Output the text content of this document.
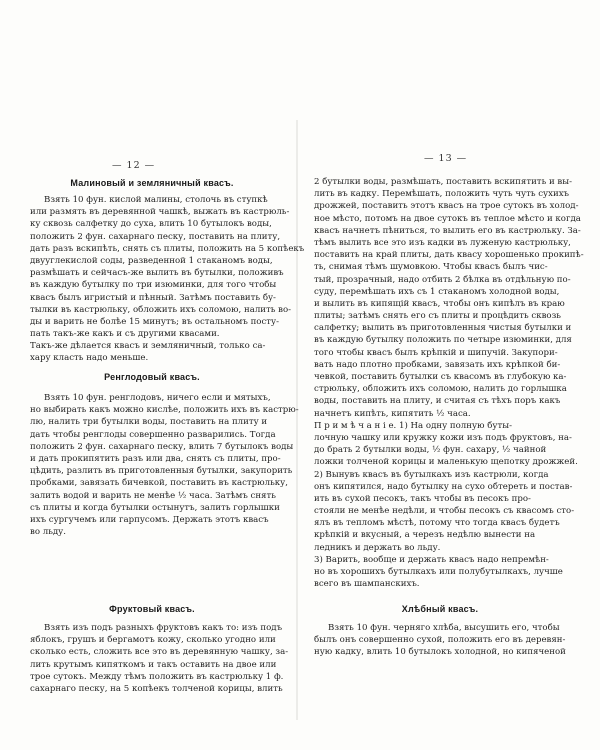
— 12 —
Малиновый и земляничный квасъ.
Взять 10 фун. кислой малины, столочь въ ступкѣ
или размять въ деревянной чашкѣ, выжать въ кастрюль-
ку сквозь салфетку до суха, влить 10 бутылокъ воды,
положить 2 фун. сахарнаго песку, поставить на плиту,
дать разъ вскипѣть, снять съ плиты, положить на 5 копѣекъ
двууглекислой соды, разведенной 1 стаканомъ воды,
размѣшать и сейчасъ-же вылить въ бутылки, положивъ
въ каждую бутылку по три изюминки, для того чтобы
квасъ былъ игристый и пѣнный. Затѣмъ поставить бу-
тылки въ кастрюльку, обложить ихъ соломою, налить во-
ды и варить не болѣе 15 минутъ; въ остальномъ посту-
пать такъ-же какъ и съ другими квасами.
Такъ-же дѣлается квасъ и земляничный, только са-
хару класть надо меньше.
Ренглодовый квасъ.
Взять 10 фун. ренглодовъ, ничего если и мятыхъ,
но выбирать какъ можно кислѣе, положить ихъ въ кастрю-
лю, налить три бутылки воды, поставить на плиту и
дать чтобы ренглоды совершенно разварились. Тогда
положить 2 фун. сахарнаго песку, влить 7 бутылокъ воды
и дать прокипятить разъ или два, снять съ плиты, про-
цѣдить, разлить въ приготовленныя бутылки, закупорить
пробками, завязать бичевкой, поставить въ кастрюльку,
залить водой и варить не менѣе ½ часа. Затѣмъ снять
съ плиты и когда бутылки остынутъ, залить горлышки
ихъ сургучемъ или гарпусомъ. Держать этотъ квасъ
во льду.
Фруктовый квасъ.
Взять изъ подъ разныхъ фруктовъ какъ то: изъ подъ
яблокъ, грушъ и бергамотъ кожу, сколько угодно или
сколько есть, сложить все это въ деревянную чашку, за-
лить крутымъ кипяткомъ и такъ оставить на двое или
трое сутокъ. Между тѣмъ положить въ кастрюльку 1 ф.
сахарнаго песку, на 5 копѣекъ толченой корицы, влить
— 13 —
2 бутылки воды, размѣшать, поставить вскипятить и вы-
лить въ кадку. Перемѣшать, положить чуть чуть сухихъ
дрожжей, поставить этотъ квасъ на трое сутокъ въ холод-
ное мѣсто, потомъ на двое сутокъ въ теплое мѣсто и когда
квасъ начнетъ пѣниться, то вылить его въ кастрюльку. За-
тѣмъ вылить все это изъ кадки въ луженую кастрюльку,
поставить на край плиты, дать квасу хорошенько прокипѣ-
ть, снимая тѣмъ шумовкою. Чтобы квасъ былъ чис-
тый, прозрачный, надо отбить 2 бѣлка въ отдѣльную по-
суду, перемѣшать ихъ съ 1 стаканомъ холодной воды,
и вылить въ кипящій квасъ, чтобы онъ кипѣлъ въ краю
плиты; затѣмъ снять его съ плиты и процѣдить сквозь
салфетку; вылить въ приготовленныя чистыя бутылки и
въ каждую бутылку положить по четыре изюминки, для
того чтобы квасъ былъ крѣпкій и шипучій. Закупори-
вать надо плотно пробками, завязать ихъ крѣпкой би-
чевкой, поставить бутылки съ квасомъ въ глубокую ка-
стрюльку, обложить ихъ соломою, налить до горлышка
воды, поставить на плиту, и считая съ тѣхъ поръ какъ
начнетъ кипѣть, кипятить ½ часа.
П р и м ѣ ч а н i е. 1) На одну полную буты-
лочную чашку или кружку кожи изъ подъ фруктовъ, на-
до брать 2 бутылки воды, ½ фун. сахару, ½ чайной
ложки толченой корицы и маленькую щепотку дрожжей.
2) Вынувъ квасъ въ бутылкахъ изъ кастрюли, когда
онъ кипятился, надо бутылку на сухо обтереть и постав-
ить въ сухой песокъ, такъ чтобы въ песокъ про-
стояли не менѣе недѣли, и чтобы песокъ съ квасомъ сто-
ялъ въ тепломъ мѣстѣ, потому что тогда квасъ будетъ
крѣпкій и вкусный, а черезъ недѣлю вынести на
ледникъ и держать во льду.
3) Варить, вообще и держать квасъ надо непремѣн-
но въ хорошихъ бутылкахъ или полубутылкахъ, лучше
всего въ шампанскихъ.
Хлѣбный квасъ.
Взять 10 фун. черняго хлѣба, высушить его, чтобы
былъ онъ совершенно сухой, положить его въ деревян-
ную кадку, влить 10 бутылокъ холодной, но кипяченой
